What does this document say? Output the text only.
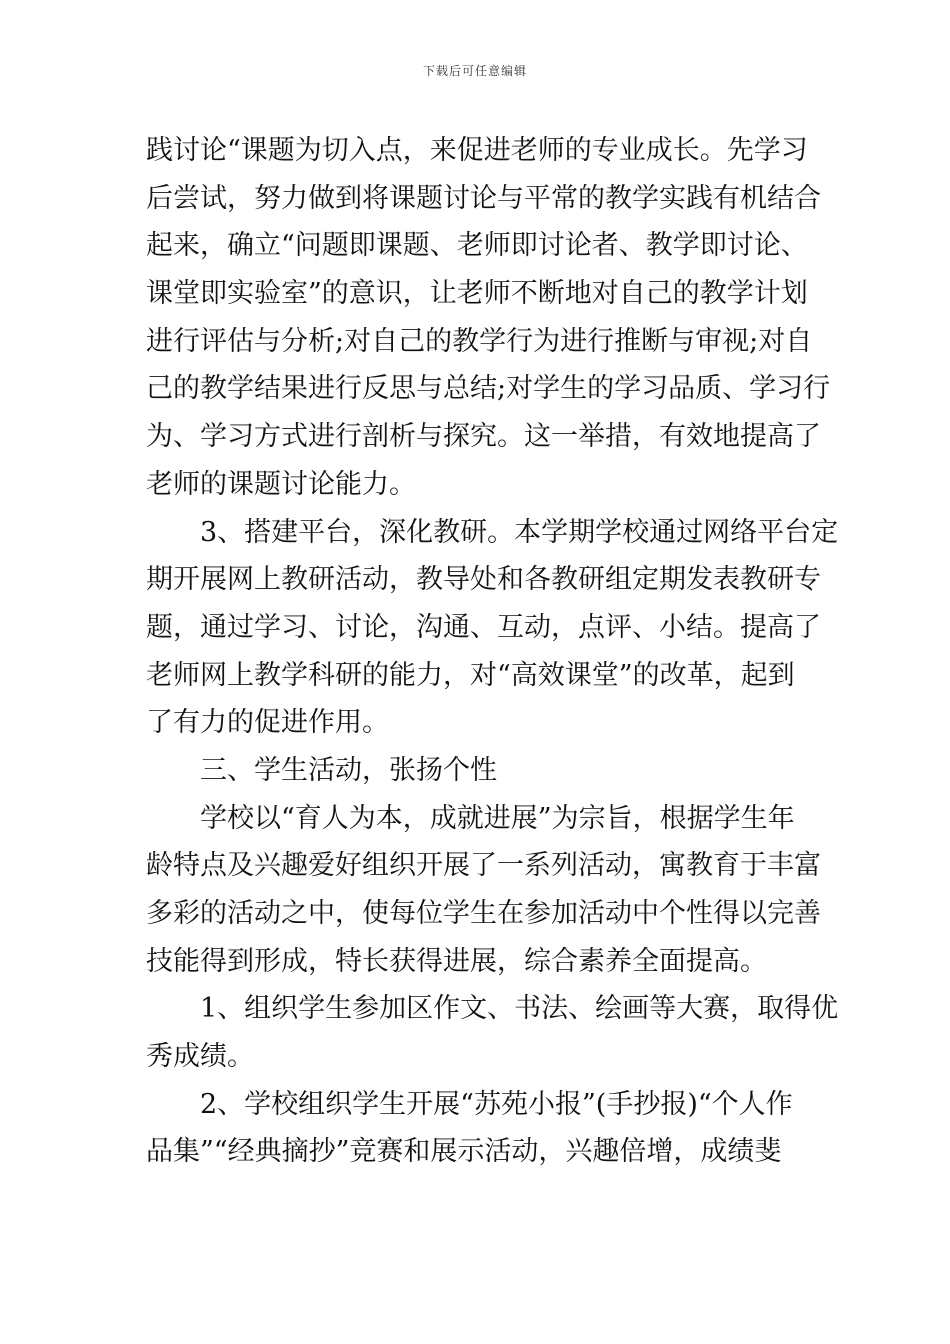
下载后可任意编辑
践讨论“课题为切入点，来促进老师的专业成长。先学习
后尝试，努力做到将课题讨论与平常的教学实践有机结合
起来，确立“问题即课题、老师即讨论者、教学即讨论、
课堂即实验室”的意识，让老师不断地对自己的教学计划
进行评估与分析;对自己的教学行为进行推断与审视;对自
己的教学结果进行反思与总结;对学生的学习品质、学习行
为、学习方式进行剖析与探究。这一举措，有效地提高了
老师的课题讨论能力。
3、搭建平台，深化教研。本学期学校通过网络平台定
期开展网上教研活动，教导处和各教研组定期发表教研专
题，通过学习、讨论，沟通、互动，点评、小结。提高了
老师网上教学科研的能力，对“高效课堂”的改革，起到
了有力的促进作用。
三、学生活动，张扬个性
学校以“育人为本，成就进展”为宗旨，根据学生年
龄特点及兴趣爱好组织开展了一系列活动，寓教育于丰富
多彩的活动之中，使每位学生在参加活动中个性得以完善
技能得到形成，特长获得进展，综合素养全面提高。
1、组织学生参加区作文、书法、绘画等大赛，取得优
秀成绩。
2、学校组织学生开展“苏苑小报”(手抄报)“个人作
品集”“经典摘抄”竞赛和展示活动，兴趣倍增，成绩斐
